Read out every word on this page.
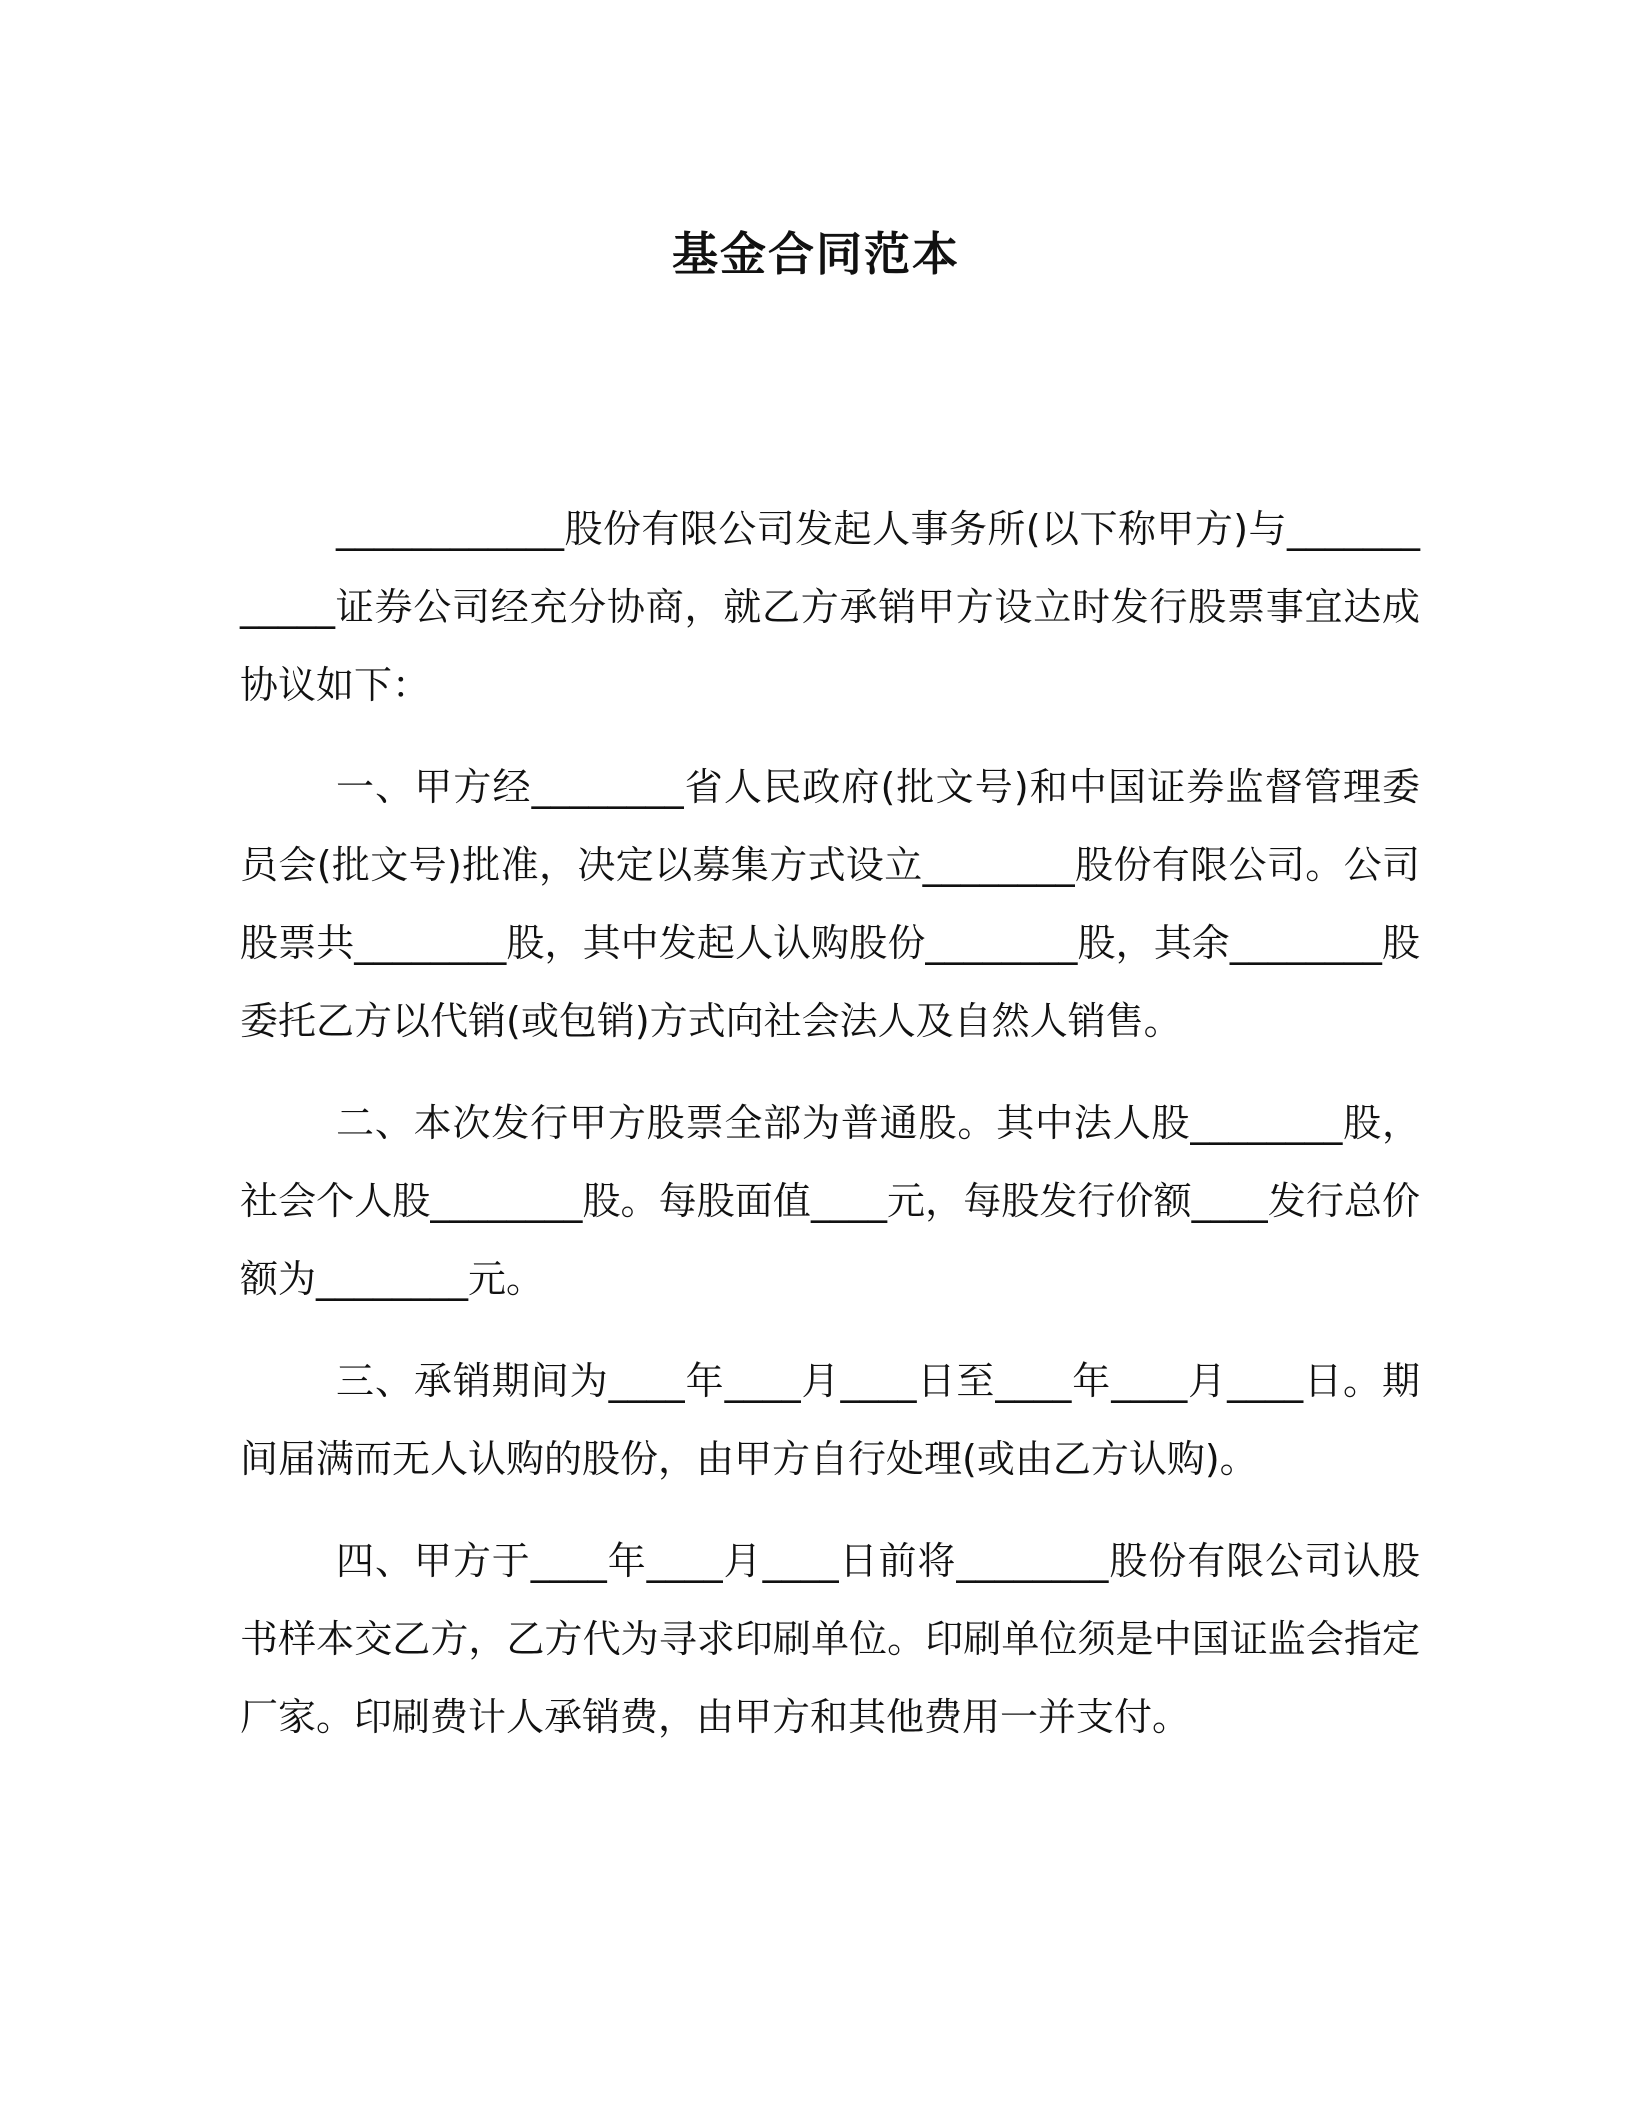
基金合同范本

____________股份有限公司发起人事务所(以下称甲方)与____________证券公司经充分协商，就乙方承销甲方设立时发行股票事宜达成协议如下：

一、甲方经________省人民政府(批文号)和中国证券监督管理委员会(批文号)批准，决定以募集方式设立________股份有限公司。公司股票共________股，其中发起人认购股份________股，其余________股委托乙方以代销(或包销)方式向社会法人及自然人销售。

二、本次发行甲方股票全部为普通股。其中法人股________股，社会个人股________股。每股面值____元，每股发行价额____发行总价额为________元。

三、承销期间为____年____月____日至____年____月____日。期间届满而无人认购的股份，由甲方自行处理(或由乙方认购)。

四、甲方于____年____月____日前将________股份有限公司认股书样本交乙方，乙方代为寻求印刷单位。印刷单位须是中国证监会指定厂家。印刷费计人承销费，由甲方和其他费用一并支付。
